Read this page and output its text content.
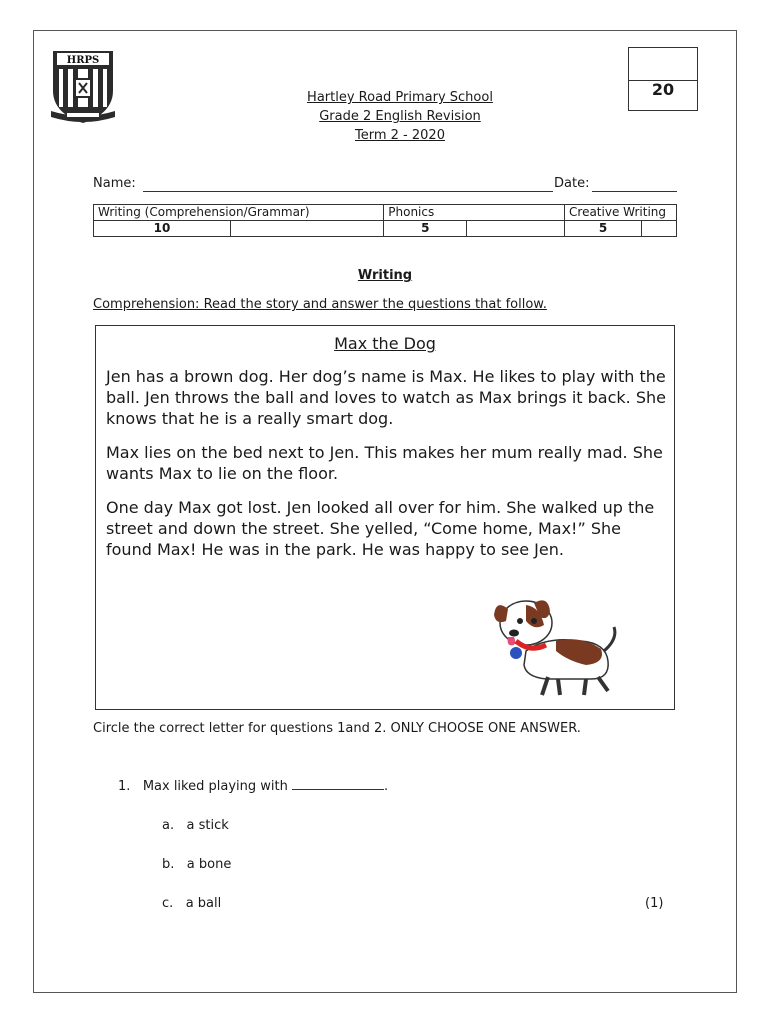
HRPS
20
Hartley Road Primary School
Grade 2 English Revision
Term 2 - 2020
Name:	Date:
Writing (Comprehension/Grammar)		Phonics		Creative Writing	
10		5		5	
Writing
Comprehension: Read the story and answer the questions that follow.
Max the Dog

Jen has a brown dog. Her dog’s name is Max. He likes to play with the ball. Jen throws the ball and loves to watch as Max brings it back. She knows that he is a really smart dog.

Max lies on the bed next to Jen. This makes her mum really mad. She wants Max to lie on the floor.

One day Max got lost. Jen looked all over for him. She walked up the street and down the street. She yelled, “Come home, Max!” She found Max! He was in the park. He was happy to see Jen.

Circle the correct letter for questions 1and 2. ONLY CHOOSE ONE ANSWER.
1. Max liked playing with	.
a. a stick
b. a bone
c. a ball	(1)
